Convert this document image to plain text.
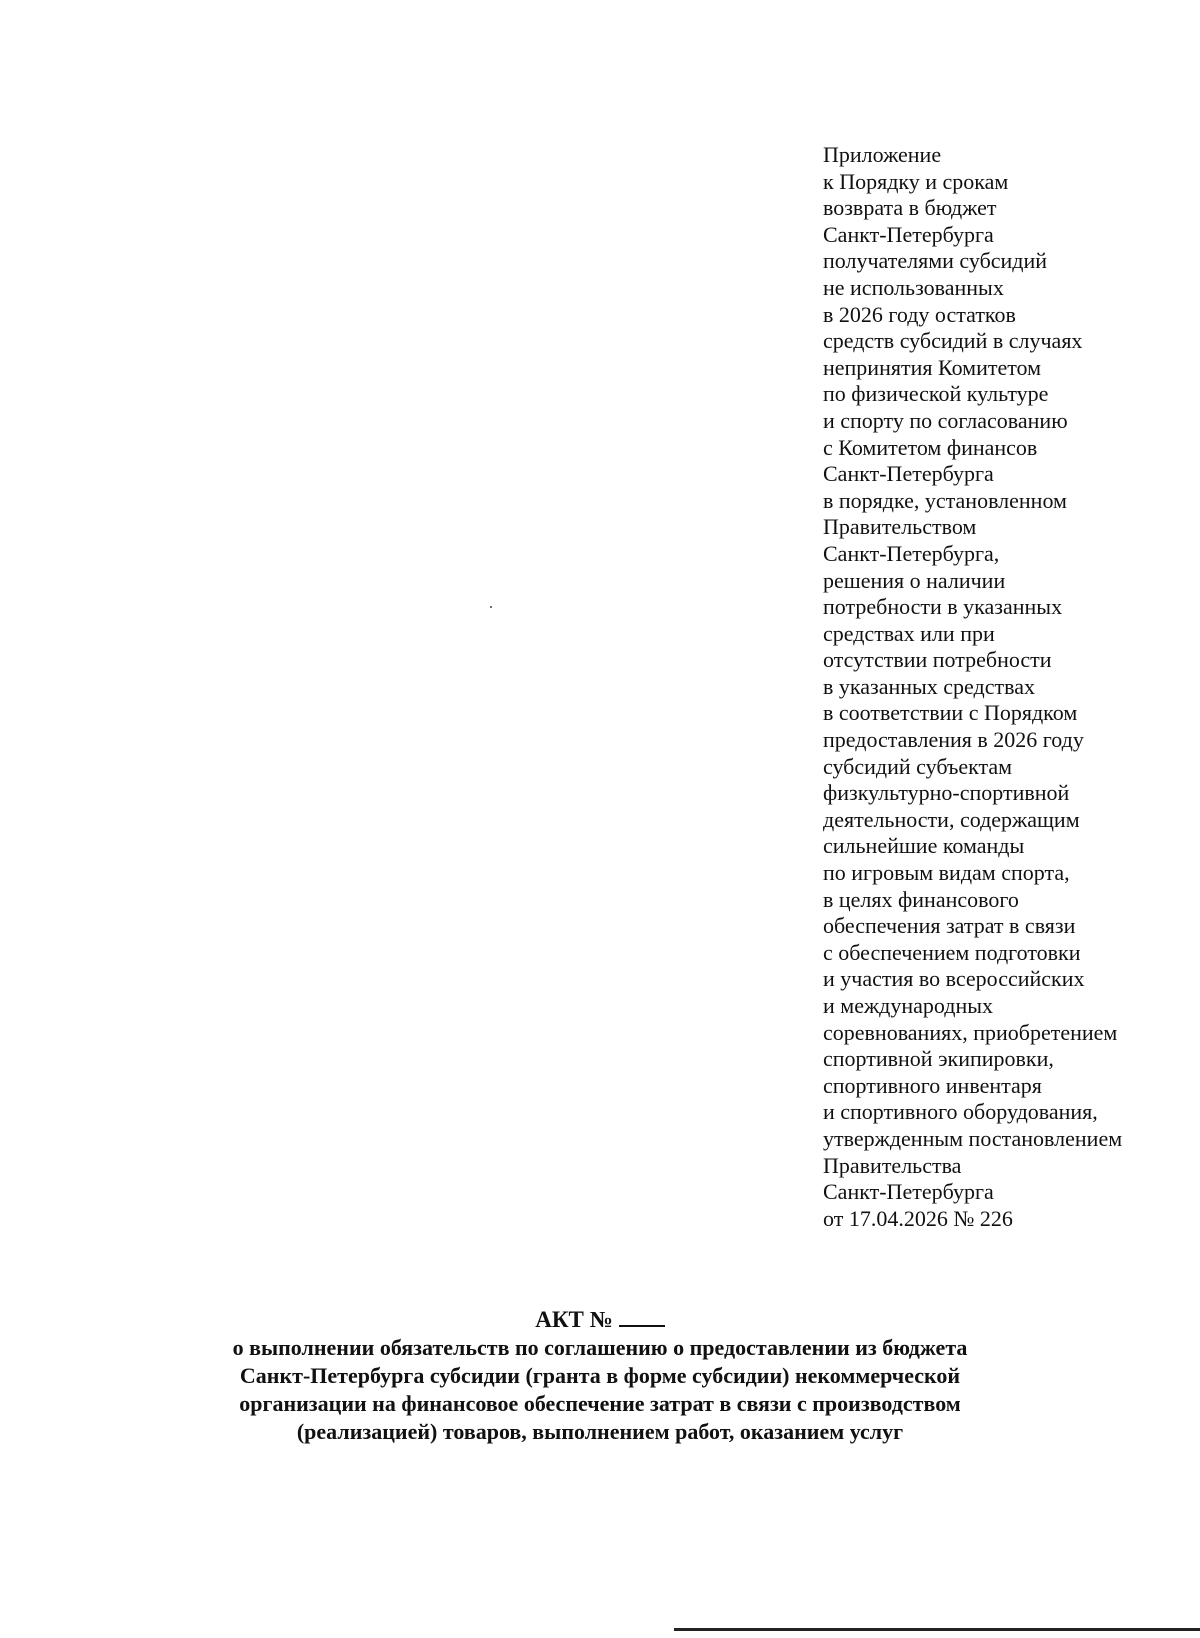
Приложение
к Порядку и срокам
возврата в бюджет
Санкт-Петербурга
получателями субсидий
не использованных
в 2026 году остатков
средств субсидий в случаях
непринятия Комитетом
по физической культуре
и спорту по согласованию
с Комитетом финансов
Санкт-Петербурга
в порядке, установленном
Правительством
Санкт-Петербурга,
решения о наличии
потребности в указанных
средствах или при
отсутствии потребности
в указанных средствах
в соответствии с Порядком
предоставления в 2026 году
субсидий субъектам
физкультурно-спортивной
деятельности, содержащим
сильнейшие команды
по игровым видам спорта,
в целях финансового
обеспечения затрат в связи
с обеспечением подготовки
и участия во всероссийских
и международных
соревнованиях, приобретением
спортивной экипировки,
спортивного инвентаря
и спортивного оборудования,
утвержденным постановлением
Правительства
Санкт-Петербурга
от 17.04.2026 № 226
АКТ №
о выполнении обязательств по соглашению о предоставлении из бюджета
Санкт-Петербурга субсидии (гранта в форме субсидии) некоммерческой
организации на финансовое обеспечение затрат в связи с производством
(реализацией) товаров, выполнением работ, оказанием услуг
